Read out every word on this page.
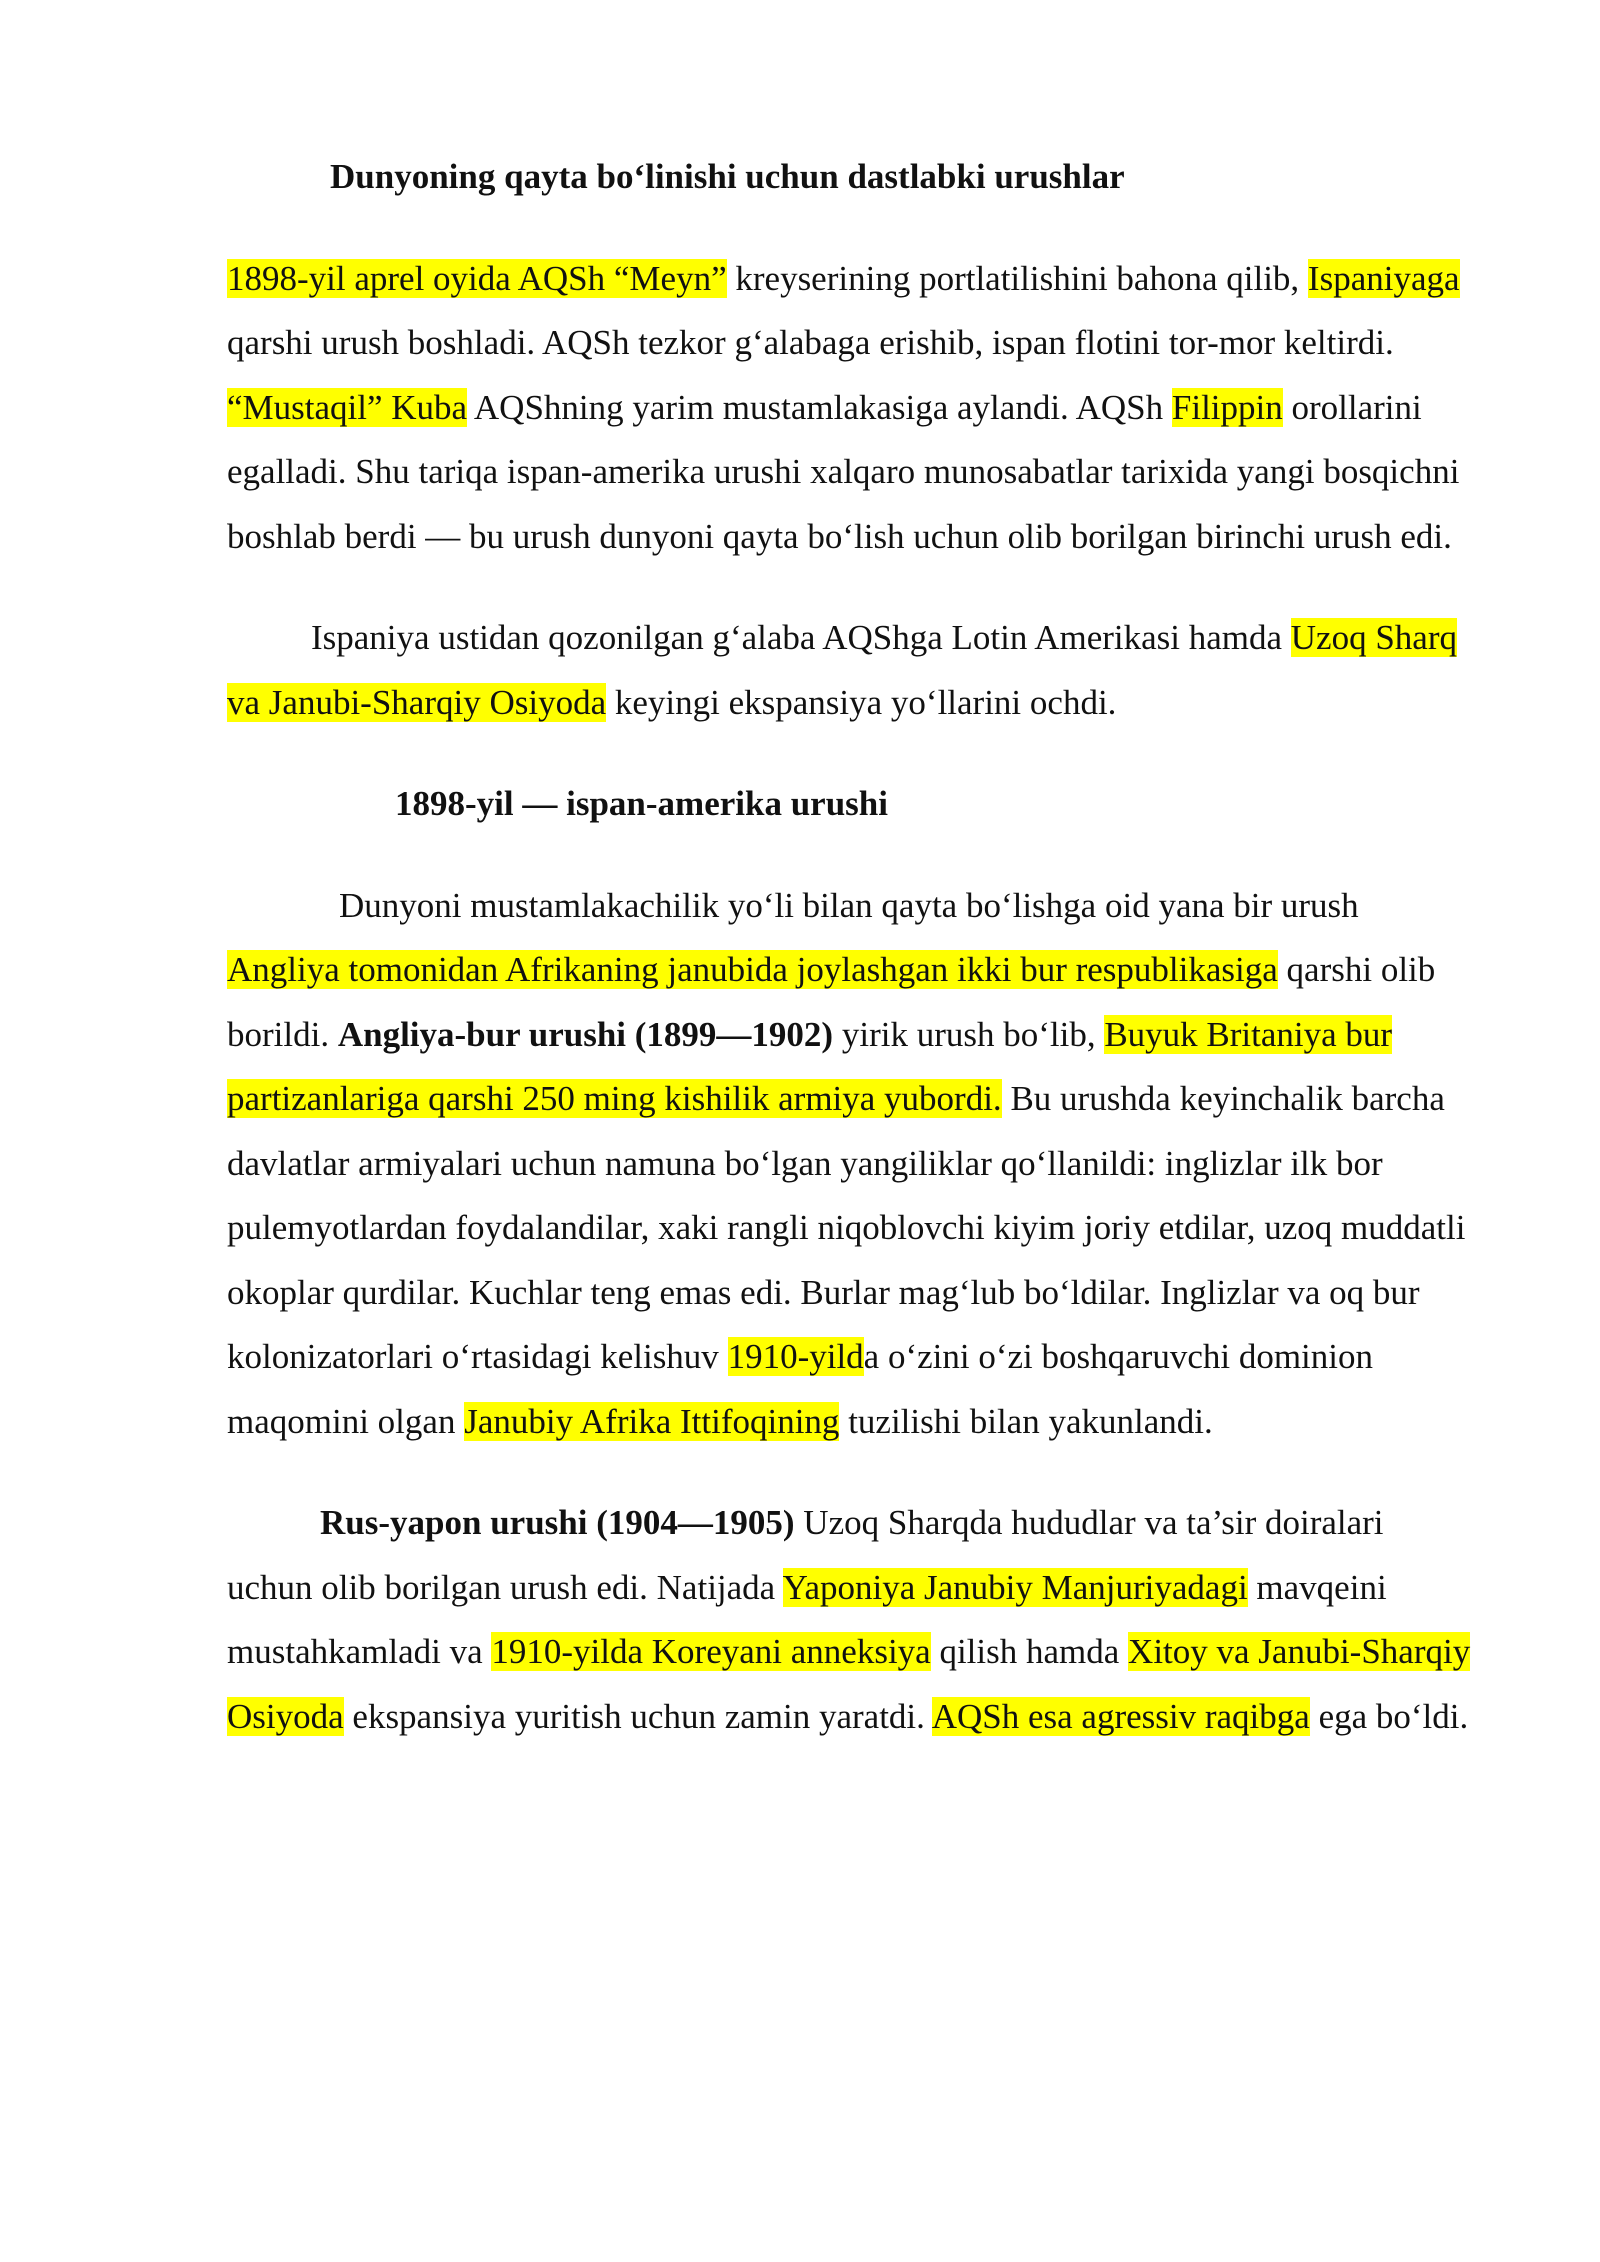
Dunyoning qayta bo‘linishi uchun dastlabki urushlar

1898-yil aprel oyida AQSh “Meyn” kreyserining portlatilishini bahona qilib, Ispaniyaga qarshi urush boshladi. AQSh tezkor g‘alabaga erishib, ispan flotini tor-mor keltirdi. “Mustaqil” Kuba AQShning yarim mustamlakasiga aylandi. AQSh Filippin orollarini egalladi. Shu tariqa ispan-amerika urushi xalqaro munosabatlar tarixida yangi bosqichni boshlab berdi — bu urush dunyoni qayta bo‘lish uchun olib borilgan birinchi urush edi.

Ispaniya ustidan qozonilgan g‘alaba AQShga Lotin Amerikasi hamda Uzoq Sharq va Janubi-Sharqiy Osiyoda keyingi ekspansiya yo‘llarini ochdi.

1898-yil — ispan-amerika urushi

Dunyoni mustamlakachilik yo‘li bilan qayta bo‘lishga oid yana bir urush Angliya tomonidan Afrikaning janubida joylashgan ikki bur respublikasiga qarshi olib borildi. Angliya-bur urushi (1899—1902) yirik urush bo‘lib, Buyuk Britaniya bur partizanlariga qarshi 250 ming kishilik armiya yubordi. Bu urushda keyinchalik barcha davlatlar armiyalari uchun namuna bo‘lgan yangiliklar qo‘llanildi: inglizlar ilk bor pulemyotlardan foydalandilar, xaki rangli niqoblovchi kiyim joriy etdilar, uzoq muddatli okoplar qurdilar. Kuchlar teng emas edi. Burlar mag‘lub bo‘ldilar. Inglizlar va oq bur kolonizatorlari o‘rtasidagi kelishuv 1910-yilda o‘zini o‘zi boshqaruvchi dominion maqomini olgan Janubiy Afrika Ittifoqining tuzilishi bilan yakunlandi.

Rus-yapon urushi (1904—1905) Uzoq Sharqda hududlar va ta’sir doiralari uchun olib borilgan urush edi. Natijada Yaponiya Janubiy Manjuriyadagi mavqeini mustahkamladi va 1910-yilda Koreyani anneksiya qilish hamda Xitoy va Janubi-Sharqiy Osiyoda ekspansiya yuritish uchun zamin yaratdi. AQSh esa agressiv raqibga ega bo‘ldi.
